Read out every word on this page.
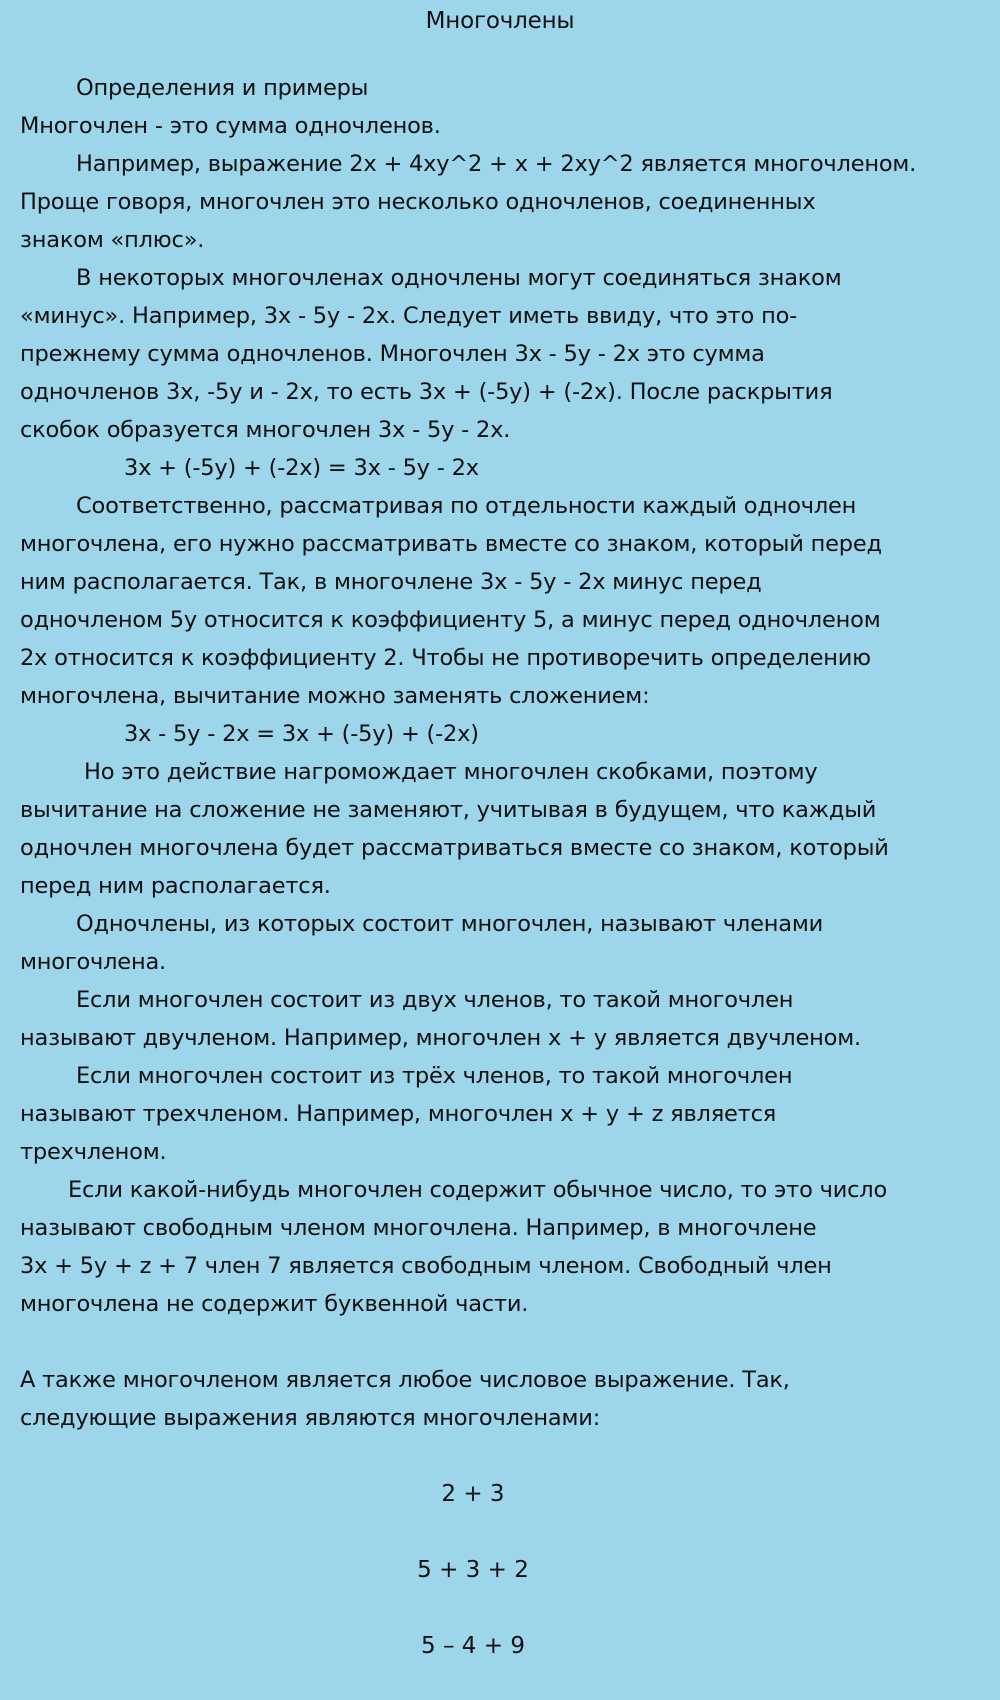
Многочлены
Определения и примеры
Многочлен - это сумма одночленов.
Например, выражение 2x + 4xy^2 + x + 2xy^2 является многочленом.
Проще говоря, многочлен это несколько одночленов, соединенных
знаком «плюс».
В некоторых многочленах одночлены могут соединяться знаком
«минус». Например, 3x - 5y - 2x. Следует иметь ввиду, что это по-
прежнему сумма одночленов. Многочлен 3x - 5y - 2x это сумма
одночленов 3x, -5y и - 2x, то есть 3x + (-5y) + (-2x). После раскрытия
скобок образуется многочлен 3x - 5y - 2x.
3x + (-5y) + (-2x) = 3x - 5y - 2x
Соответственно, рассматривая по отдельности каждый одночлен
многочлена, его нужно рассматривать вместе со знаком, который перед
ним располагается. Так, в многочлене 3x - 5y - 2x минус перед
одночленом 5y относится к коэффициенту 5, а минус перед одночленом
2x относится к коэффициенту 2. Чтобы не противоречить определению
многочлена, вычитание можно заменять сложением:
3x - 5y - 2x = 3x + (-5y) + (-2x)
Но это действие нагромождает многочлен скобками, поэтому
вычитание на сложение не заменяют, учитывая в будущем, что каждый
одночлен многочлена будет рассматриваться вместе со знаком, который
перед ним располагается.
Одночлены, из которых состоит многочлен, называют членами
многочлена.
Если многочлен состоит из двух членов, то такой многочлен
называют двучленом. Например, многочлен x + y является двучленом.
Если многочлен состоит из трёх членов, то такой многочлен
называют трехчленом. Например, многочлен x + y + z является
трехчленом.
Если какой-нибудь многочлен содержит обычное число, то это число
называют свободным членом многочлена. Например, в многочлене
3x + 5y + z + 7 член 7 является свободным членом. Свободный член
многочлена не содержит буквенной части.
А также многочленом является любое числовое выражение. Так,
следующие выражения являются многочленами:
2 + 3
5 + 3 + 2
5 – 4 + 9
